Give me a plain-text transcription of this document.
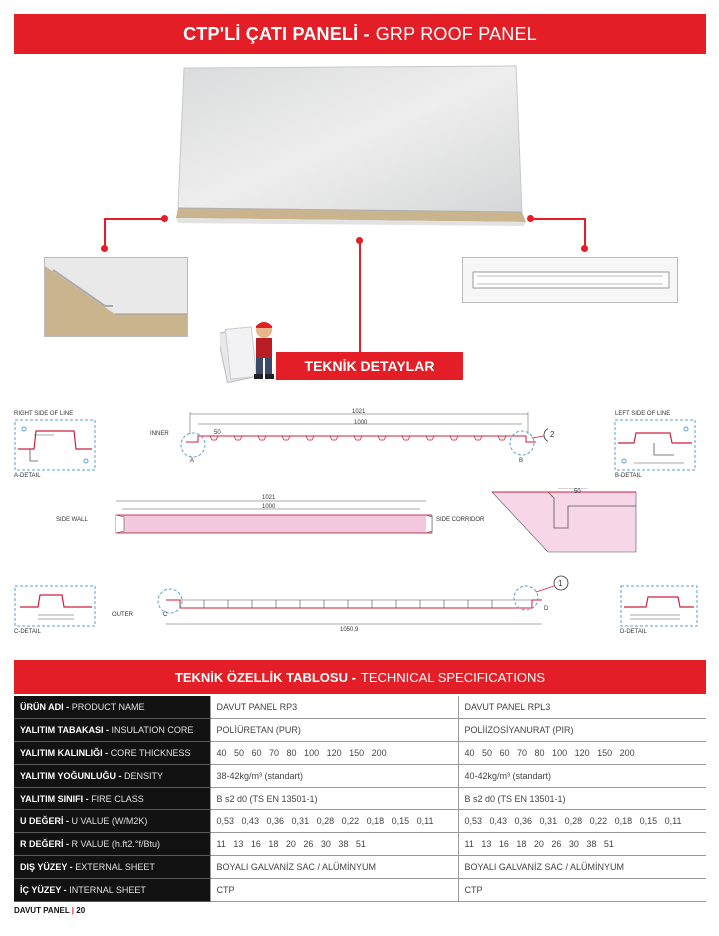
CTP'Lİ ÇATI PANELİ - GRP ROOF PANEL
TEKNİK DETAYLAR
RIGHT SIDE OF LINE
A-DETAIL
INNER
1021
1000
50
A	B
2
LEFT SIDE OF LINE
B-DETAIL
SIDE WALL
1021
1000
SIDE CORRIDOR
50
C-DETAIL
OUTER
1050,9
C
D
1
D-DETAIL
TEKNİK ÖZELLİK TABLOSU - TECHNICAL SPECIFICATIONS
ÜRÜN ADI - PRODUCT NAME	DAVUT PANEL RP3	DAVUT PANEL RPL3
YALITIM TABAKASI - INSULATION CORE	POLİÜRETAN (PUR)	POLİİZOSİYANURAT (PIR)
YALITIM KALINLIĞI - CORE THICKNESS	40   50   60   70   80   100   120   150   200	40   50   60   70   80   100   120   150   200
YALITIM YOĞUNLUĞU - DENSITY	38-42kg/m³ (standart)	40-42kg/m³ (standart)
YALITIM SINIFI - FIRE CLASS	B s2 d0 (TS EN 13501-1)	B s2 d0 (TS EN 13501-1)
U DEĞERİ - U VALUE (W/M2K)	0,53   0,43   0,36   0,31   0,28   0,22   0,18   0,15   0,11	0,53   0,43   0,36   0,31   0,28   0,22   0,18   0,15   0,11
R DEĞERİ - R VALUE (h.ft2.°f/Btu)	11   13   16   18   20   26   30   38   51	11   13   16   18   20   26   30   38   51
DIŞ YÜZEY - EXTERNAL SHEET	BOYALI GALVANİZ SAC / ALÜMİNYUM	BOYALI GALVANİZ SAC / ALÜMİNYUM
İÇ YÜZEY - INTERNAL SHEET	CTP	CTP
DAVUT PANEL | 20
